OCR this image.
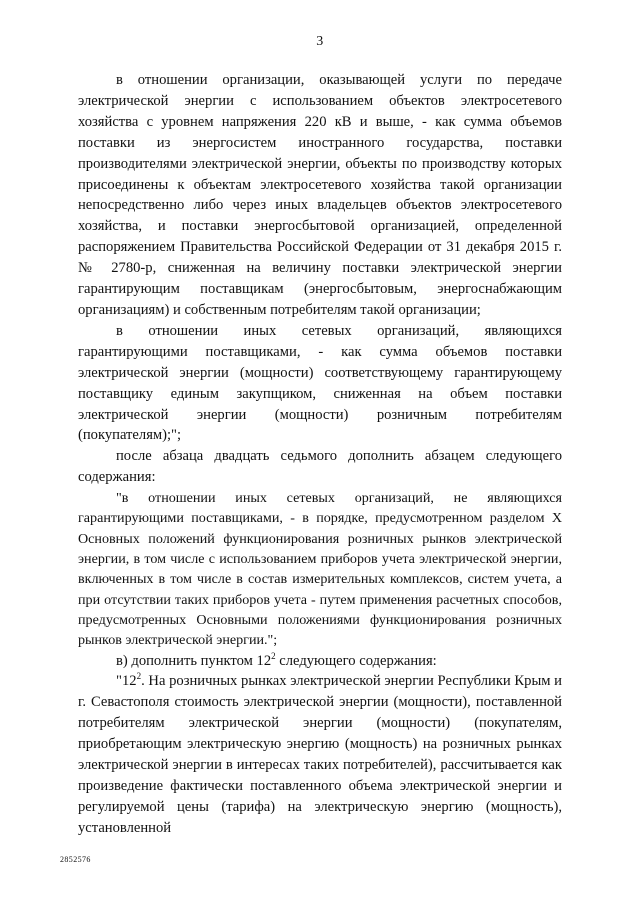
3

в отношении организации, оказывающей услуги по передаче электрической энергии с использованием объектов электросетевого хозяйства с уровнем напряжения 220 кВ и выше, - как сумма объемов поставки из энергосистем иностранного государства, поставки производителями электрической энергии, объекты по производству которых присоединены к объектам электросетевого хозяйства такой организации непосредственно либо через иных владельцев объектов электросетевого хозяйства, и поставки энергосбытовой организацией, определенной распоряжением Правительства Российской Федерации от 31 декабря 2015 г. № 2780-р, сниженная на величину поставки электрической энергии гарантирующим поставщикам (энергосбытовым, энергоснабжающим организациям) и собственным потребителям такой организации;

в отношении иных сетевых организаций, являющихся гарантирующими поставщиками, - как сумма объемов поставки электрической энергии (мощности) соответствующему гарантирующему поставщику единым закупщиком, сниженная на объем поставки электрической энергии (мощности) розничным потребителям (покупателям);";

после абзаца двадцать седьмого дополнить абзацем следующего содержания:

"в отношении иных сетевых организаций, не являющихся гарантирующими поставщиками, - в порядке, предусмотренном разделом X Основных положений функционирования розничных рынков электрической энергии, в том числе с использованием приборов учета электрической энергии, включенных в том числе в состав измерительных комплексов, систем учета, а при отсутствии таких приборов учета - путем применения расчетных способов, предусмотренных Основными положениями функционирования розничных рынков электрической энергии.";

в) дополнить пунктом $12^2$ следующего содержания:

"$12^2$. На розничных рынках электрической энергии Республики Крым и г. Севастополя стоимость электрической энергии (мощности), поставленной потребителям электрической энергии (мощности) (покупателям, приобретающим электрическую энергию (мощность) на розничных рынках электрической энергии в интересах таких потребителей), рассчитывается как произведение фактически поставленного объема электрической энергии и регулируемой цены (тарифа) на электрическую энергию (мощность), установленной

2852576
